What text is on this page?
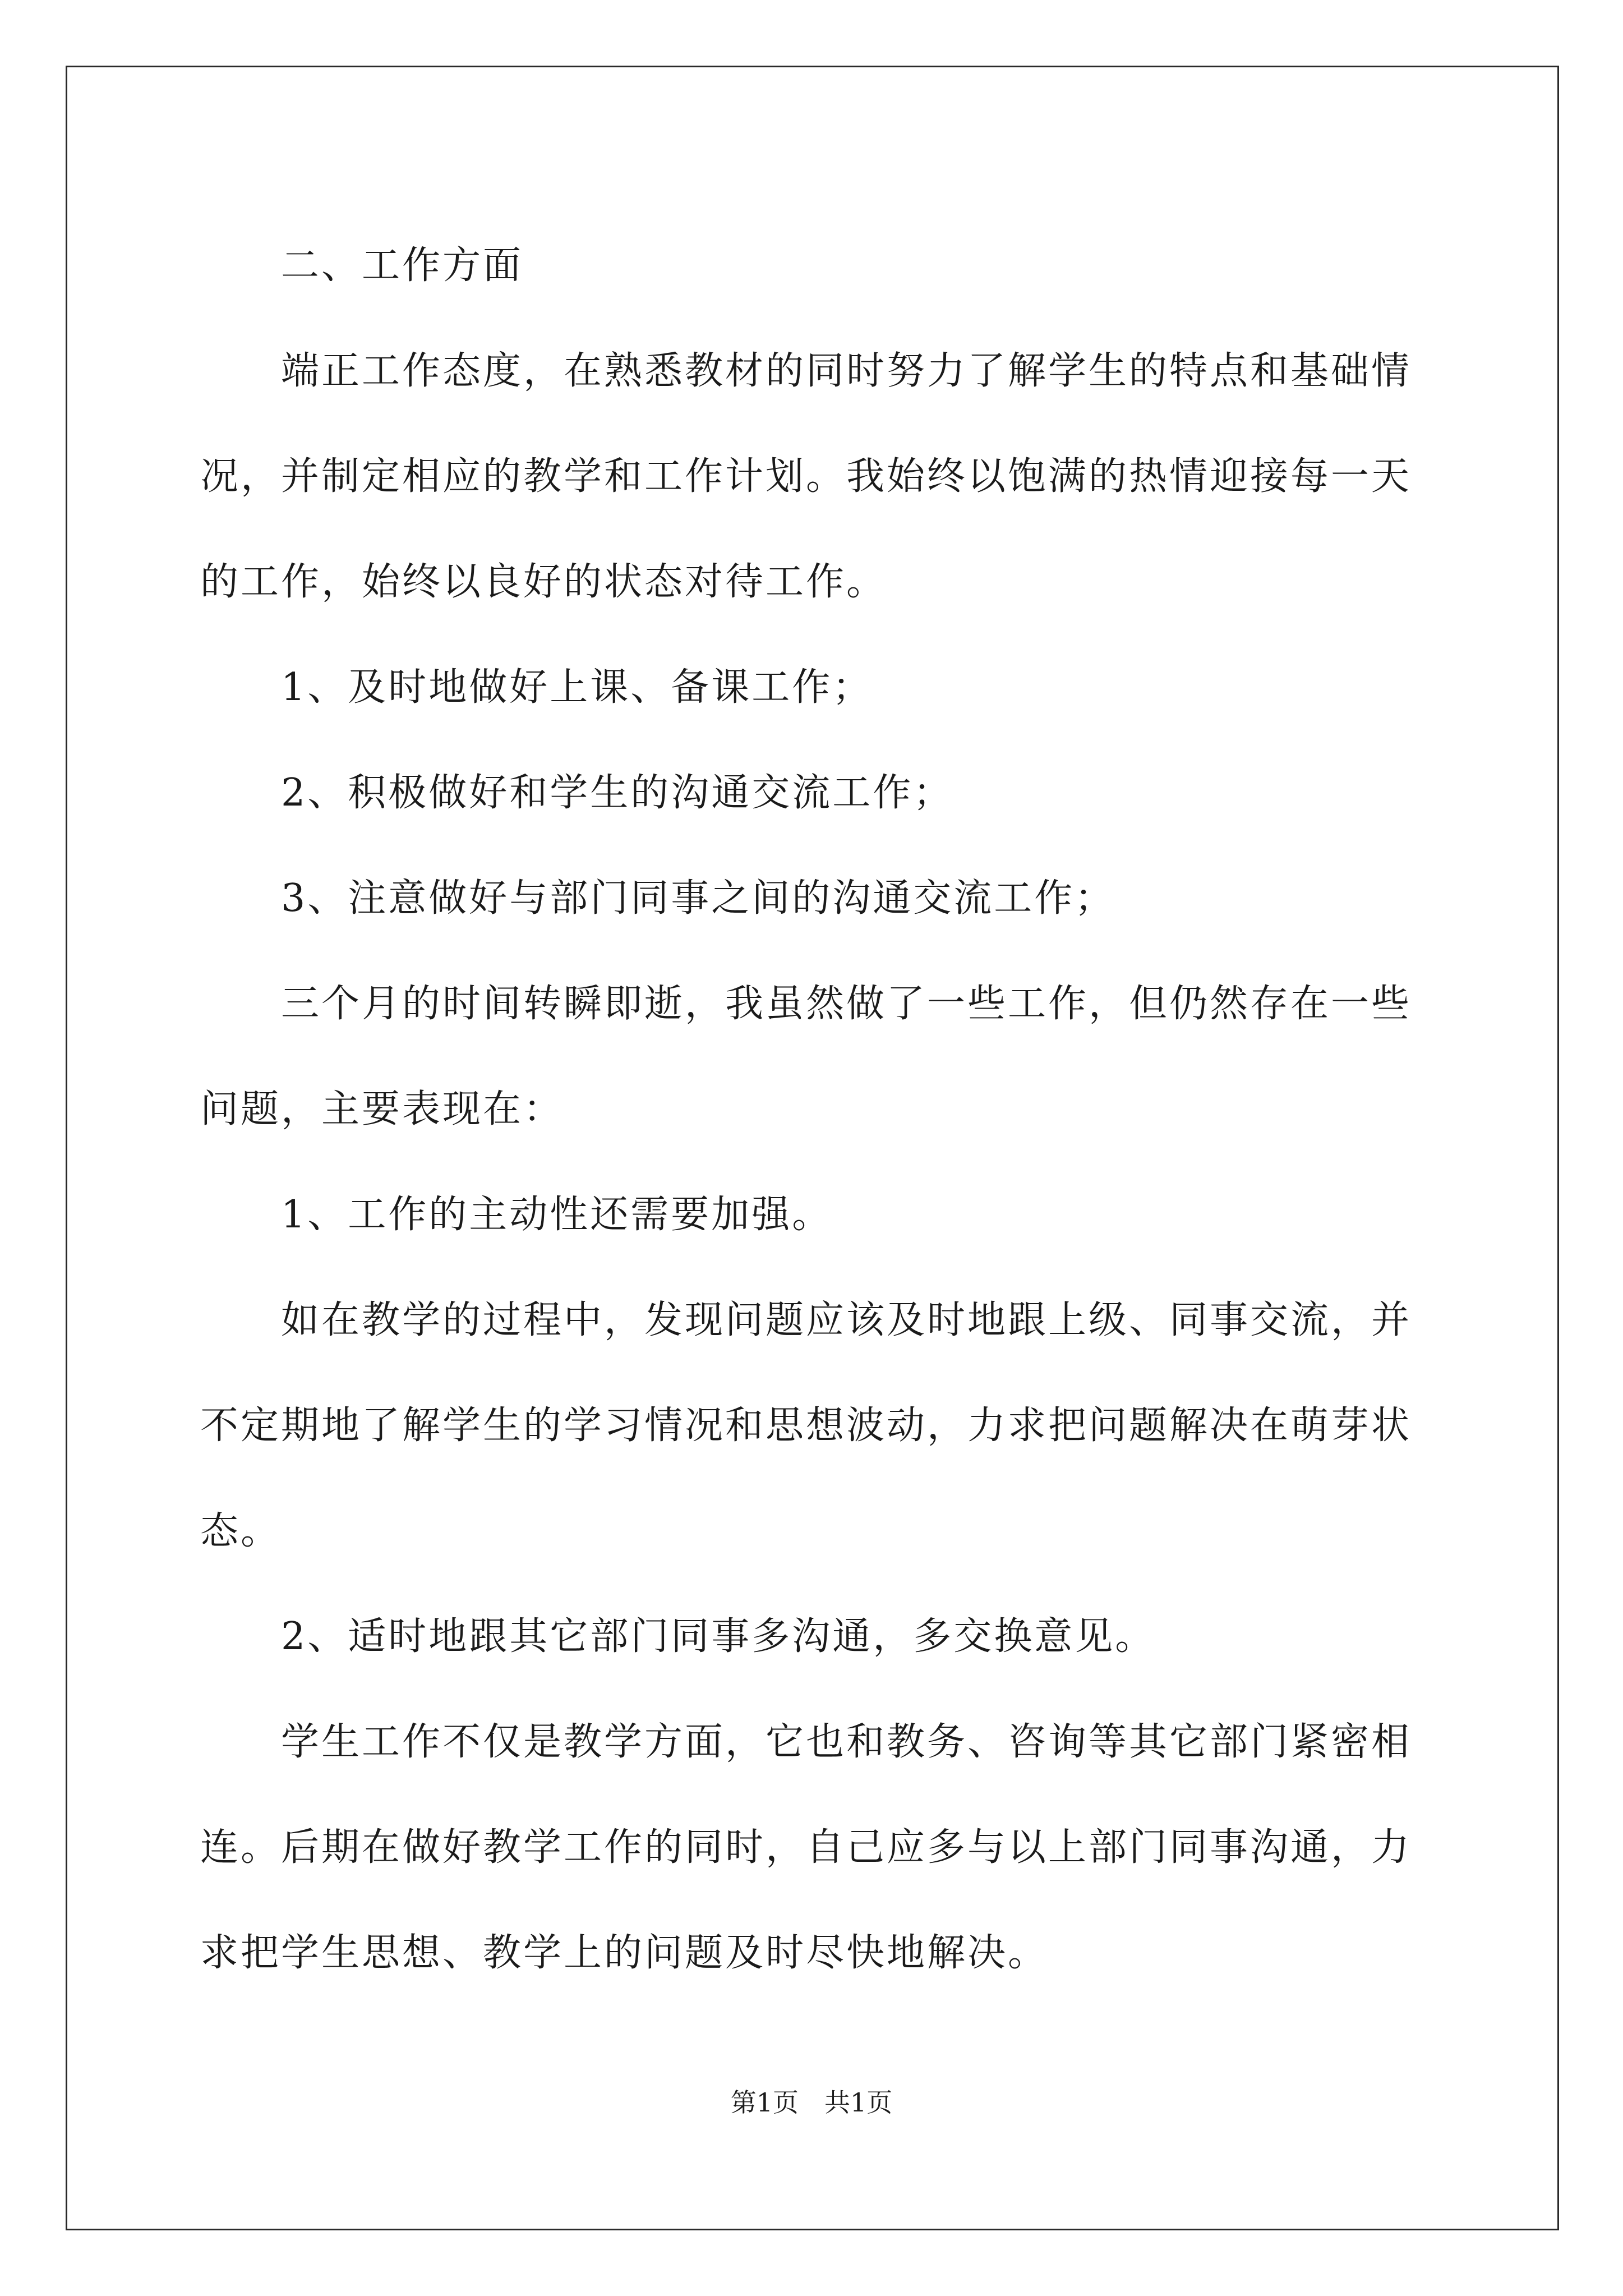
二、工作方面

端正工作态度，在熟悉教材的同时努力了解学生的特点和基础情
况，并制定相应的教学和工作计划。我始终以饱满的热情迎接每一天
的工作，始终以良好的状态对待工作。

1、及时地做好上课、备课工作；

2、积极做好和学生的沟通交流工作；

3、注意做好与部门同事之间的沟通交流工作；

三个月的时间转瞬即逝，我虽然做了一些工作，但仍然存在一些
问题，主要表现在：

1、工作的主动性还需要加强。

如在教学的过程中，发现问题应该及时地跟上级、同事交流，并
不定期地了解学生的学习情况和思想波动，力求把问题解决在萌芽状
态。

2、适时地跟其它部门同事多沟通，多交换意见。

学生工作不仅是教学方面，它也和教务、咨询等其它部门紧密相
连。后期在做好教学工作的同时，自己应多与以上部门同事沟通，力
求把学生思想、教学上的问题及时尽快地解决。

第1页　共1页
